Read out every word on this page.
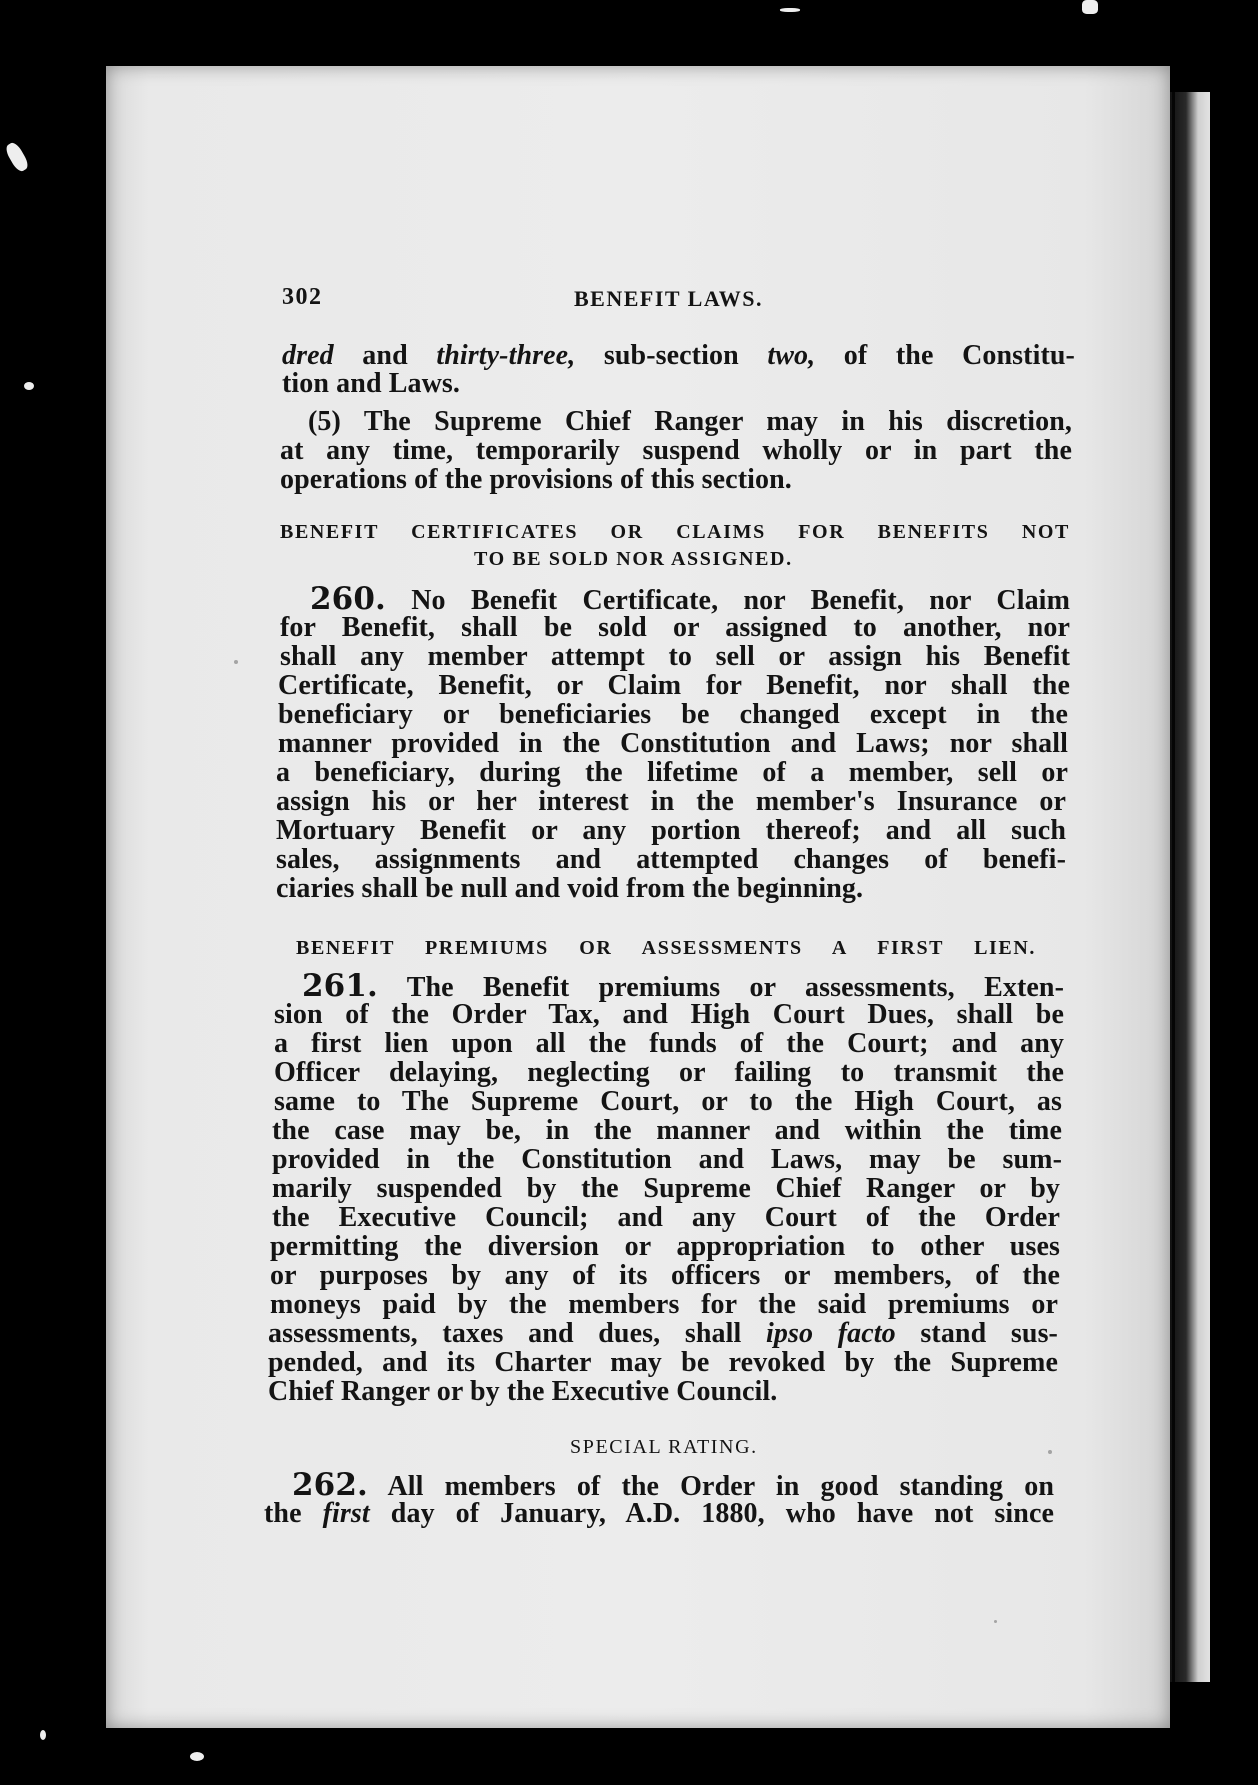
302	BENEFIT LAWS.
dred and thirty-three, sub-section two, of the Constitu-
tion and Laws.
(5) The Supreme Chief Ranger may in his discretion,
at any time, temporarily suspend wholly or in part the
operations of the provisions of this section.
BENEFIT CERTIFICATES OR CLAIMS FOR BENEFITS NOT
TO BE SOLD NOR ASSIGNED.
260. No Benefit Certificate, nor Benefit, nor Claim
for Benefit, shall be sold or assigned to another, nor
shall any member attempt to sell or assign his Benefit
Certificate, Benefit, or Claim for Benefit, nor shall the
beneficiary or beneficiaries be changed except in the
manner provided in the Constitution and Laws; nor shall
a beneficiary, during the lifetime of a member, sell or
assign his or her interest in the member's Insurance or
Mortuary Benefit or any portion thereof; and all such
sales, assignments and attempted changes of benefi-
ciaries shall be null and void from the beginning.
BENEFIT PREMIUMS OR ASSESSMENTS A FIRST LIEN.
261. The Benefit premiums or assessments, Exten-
sion of the Order Tax, and High Court Dues, shall be
a first lien upon all the funds of the Court; and any
Officer delaying, neglecting or failing to transmit the
same to The Supreme Court, or to the High Court, as
the case may be, in the manner and within the time
provided in the Constitution and Laws, may be sum-
marily suspended by the Supreme Chief Ranger or by
the Executive Council; and any Court of the Order
permitting the diversion or appropriation to other uses
or purposes by any of its officers or members, of the
moneys paid by the members for the said premiums or
assessments, taxes and dues, shall ipso facto stand sus-
pended, and its Charter may be revoked by the Supreme
Chief Ranger or by the Executive Council.
SPECIAL RATING.
262. All members of the Order in good standing on
the first day of January, A.D. 1880, who have not since
